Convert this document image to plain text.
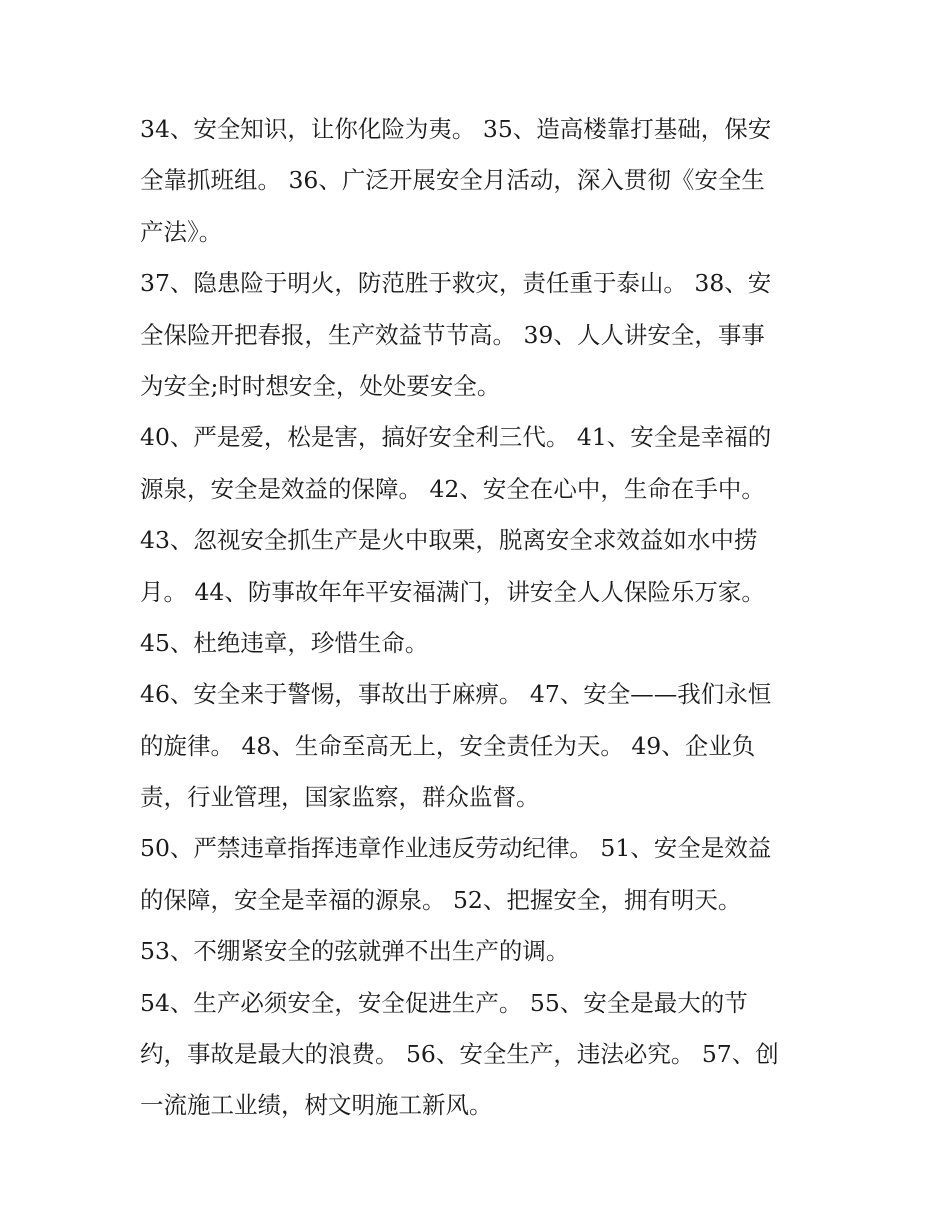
34、安全知识，让你化险为夷。 35、造高楼靠打基础，保安
全靠抓班组。 36、广泛开展安全月活动，深入贯彻《安全生
产法》。
37、隐患险于明火，防范胜于救灾，责任重于泰山。 38、安
全保险开把春报，生产效益节节高。 39、人人讲安全，事事
为安全;时时想安全，处处要安全。
40、严是爱，松是害，搞好安全利三代。 41、安全是幸福的
源泉，安全是效益的保障。 42、安全在心中，生命在手中。
43、忽视安全抓生产是火中取栗，脱离安全求效益如水中捞
月。 44、防事故年年平安福满门，讲安全人人保险乐万家。
45、杜绝违章，珍惜生命。
46、安全来于警惕，事故出于麻痹。 47、安全——我们永恒
的旋律。 48、生命至高无上，安全责任为天。 49、企业负
责，行业管理，国家监察，群众监督。
50、严禁违章指挥违章作业违反劳动纪律。 51、安全是效益
的保障，安全是幸福的源泉。 52、把握安全，拥有明天。
53、不绷紧安全的弦就弹不出生产的调。
54、生产必须安全，安全促进生产。 55、安全是最大的节
约，事故是最大的浪费。 56、安全生产，违法必究。 57、创
一流施工业绩，树文明施工新风。
